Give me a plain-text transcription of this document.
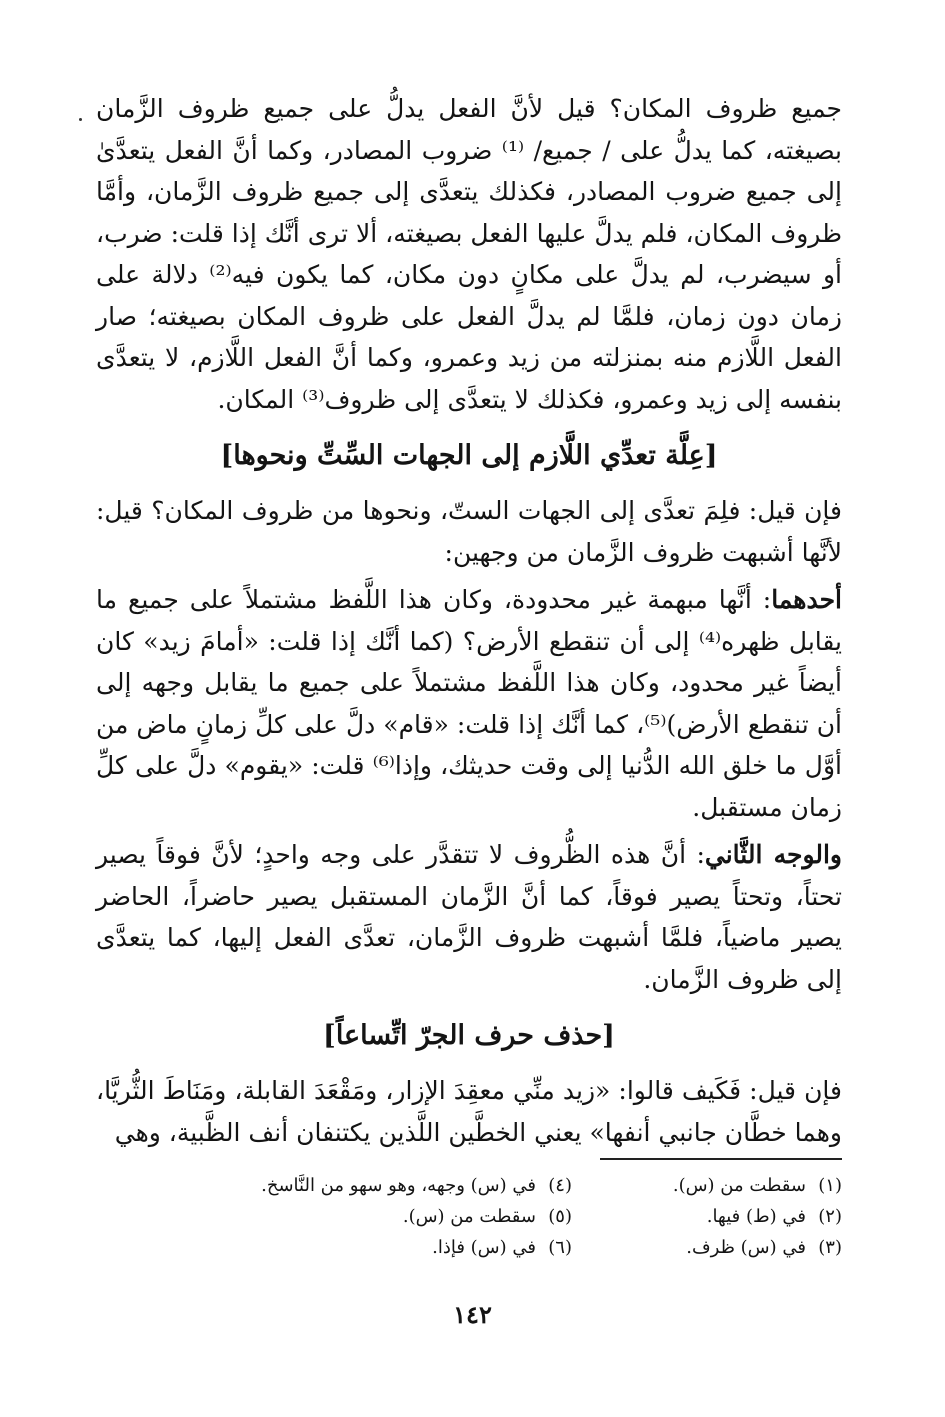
جميع ظروف المكان؟ قيل لأنَّ الفعل يدلُّ على جميع ظروف الزَّمان بصيغته، كما يدلُّ على / جميع/ ⁽¹⁾ ضروب المصادر، وكما أنَّ الفعل يتعدَّىٰ إلى جميع ضروب المصادر، فكذلك يتعدَّى إلى جميع ظروف الزَّمان، وأمَّا ظروف المكان، فلم يدلَّ عليها الفعل بصيغته، ألا ترى أنَّك إذا قلت: ضرب، أو سيضرب، لم يدلَّ على مكانٍ دون مكان، كما يكون فيه⁽²⁾ دلالة على زمان دون زمان، فلمَّا لم يدلَّ الفعل على ظروف المكان بصيغته؛ صار الفعل اللَّازم منه بمنزلته من زيد وعمرو، وكما أنَّ الفعل اللَّازم، لا يتعدَّى بنفسه إلى زيد وعمرو، فكذلك لا يتعدَّى إلى ظروف⁽³⁾ المكان.

[عِلَّة تعدِّي اللَّازم إلى الجهات السِّتِّ ونحوها]

فإن قيل: فلِمَ تعدَّى إلى الجهات الستّ، ونحوها من ظروف المكان؟ قيل: لأنَّها أشبهت ظروف الزَّمان من وجهين:

أحدهما: أنَّها مبهمة غير محدودة، وكان هذا اللَّفظ مشتملاً على جميع ما يقابل ظهره⁽⁴⁾ إلى أن تنقطع الأرض؟ (كما أنَّك إذا قلت: «أمامَ زيد» كان أيضاً غير محدود، وكان هذا اللَّفظ مشتملاً على جميع ما يقابل وجهه إلى أن تنقطع الأرض)⁽⁵⁾، كما أنَّك إذا قلت: «قام» دلَّ على كلِّ زمانٍ ماض من أوَّل ما خلق الله الدُّنيا إلى وقت حديثك، وإذا⁽⁶⁾ قلت: «يقوم» دلَّ على كلِّ زمان مستقبل.

والوجه الثَّاني: أنَّ هذه الظُّروف لا تتقدَّر على وجه واحدٍ؛ لأنَّ فوقاً يصير تحتاً، وتحتاً يصير فوقاً، كما أنَّ الزَّمان المستقبل يصير حاضراً، الحاضر يصير ماضياً، فلمَّا أشبهت ظروف الزَّمان، تعدَّى الفعل إليها، كما يتعدَّى إلى ظروف الزَّمان.

[حذف حرف الجرّ اتِّساعاً]

فإن قيل: فَكَيف قالوا: «زيد منِّي معقِدَ الإزار، ومَقْعَدَ القابلة، ومَنَاطَ الثُّريَّا، وهما خطَّان جانبي أنفها» يعني الخطَّين اللَّذين يكتنفان أنف الظَّبية، وهي

(١)سقطت من (س).
(٢)في (ط) فيها.
(٣)في (س) ظرف.
(٤)في (س) وجهه، وهو سهو من النَّاسخ.
(٥)سقطت من (س).
(٦)في (س) فإذا.
١٤٢
